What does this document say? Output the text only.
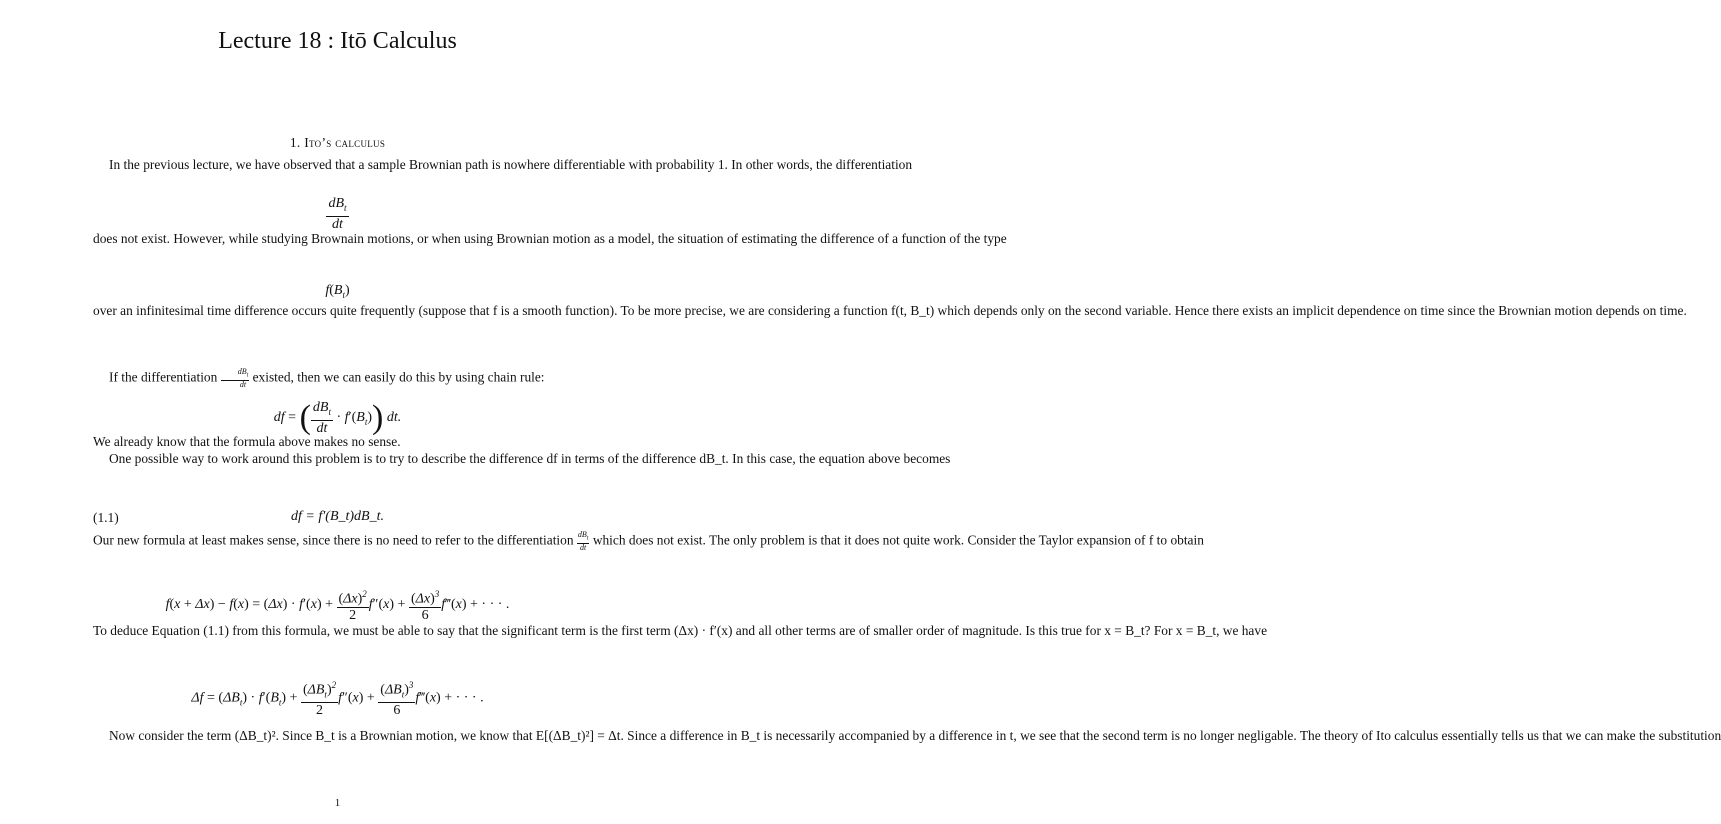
Lecture 18 : Itō Calculus
1. Ito’s calculus
In the previous lecture, we have observed that a sample Brownian path is nowhere differentiable with probability 1. In other words, the differentiation
$\frac{dB_t}{dt}$
does not exist. However, while studying Brownain motions, or when using Brownian motion as a model, the situation of estimating the difference of a function of the type
$f(B_t)$
over an infinitesimal time difference occurs quite frequently (suppose that f is a smooth function). To be more precise, we are considering a function f(t, B_t) which depends only on the second variable. Hence there exists an implicit dependence on time since the Brownian motion depends on time.
If the differentiation	$dB_t$
dt existed, then we can easily do this by using chain rule:
df = ( $\frac{dB_t}{dt} \cdot f'(B_t)$) dt.
We already know that the formula above makes no sense.
One possible way to work around this problem is to try to describe the difference df in terms of the difference dB_t. In this case, the equation above becomes
(1.1)	df = f′(B_t)dB_t.
Our new formula at least makes sense, since there is no need to refer to the differentiation $dB_t$
dt which does not exist. The only problem is that it does not quite work. Consider the Taylor expansion of f to obtain
$f(x + \Delta x) - f(x) = (\Delta x) \cdot f'(x) + \frac{(\Delta x)^2}{2} f''(x) + \frac{(\Delta x)^3}{6}$ f‴(x) + · · · .
To deduce Equation (1.1) from this formula, we must be able to say that the significant term is the first term (Δx) · f′(x) and all other terms are of smaller order of magnitude. Is this true for x = B_t? For x = B_t, we have
$\Delta f = (\Delta B_t) \cdot f'(B_t) + \frac{(\Delta B_t)^2}{2} f''(x) + \frac{(\Delta B_t)^3}{6}$ f‴(x) + · · · .
Now consider the term (ΔB_t)². Since B_t is a Brownian motion, we know that E[(ΔB_t)²] = Δt. Since a difference in B_t is necessarily accompanied by a difference in t, we see that the second term is no longer negligable. The theory of Ito calculus essentially tells us that we can make the substitution
1
